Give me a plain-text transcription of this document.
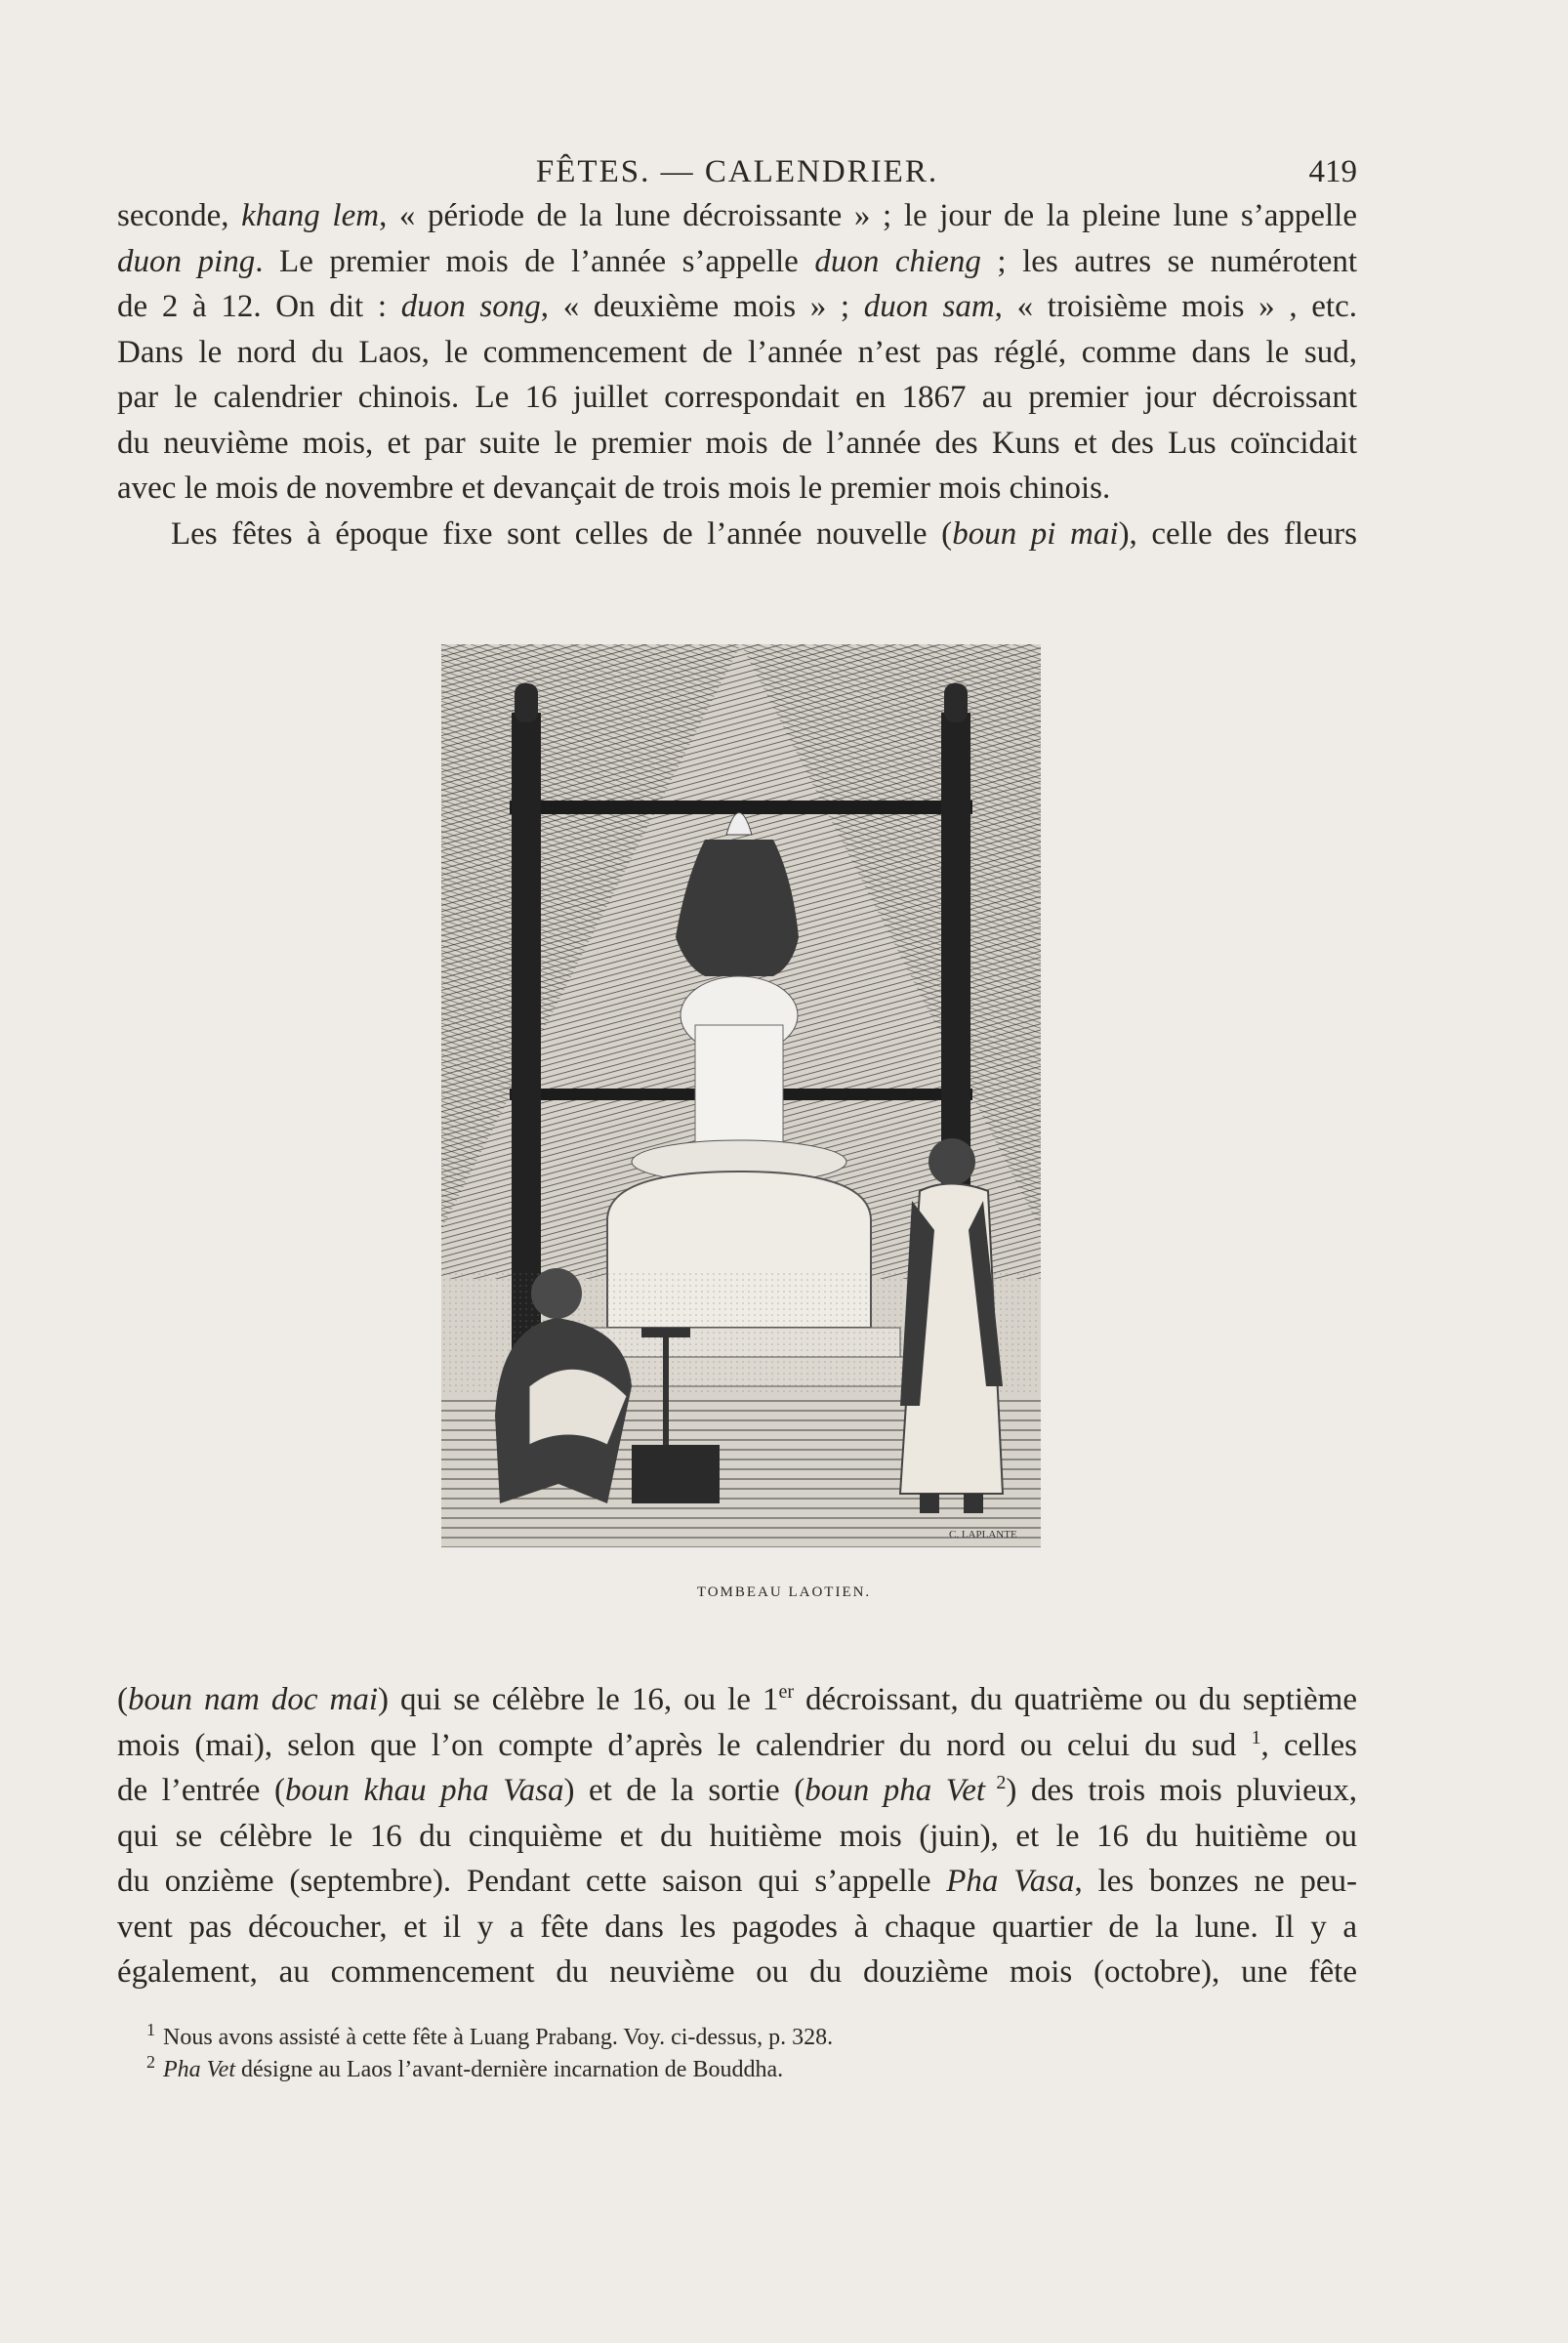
FÊTES. — CALENDRIER.	419
seconde, khang lem, « période de la lune décroissante » ; le jour de la pleine lune s’appelle
duon ping. Le premier mois de l’année s’appelle duon chieng ; les autres se numérotent
de 2 à 12. On dit : duon song, « deuxième mois » ; duon sam, « troisième mois » , etc.
Dans le nord du Laos, le commencement de l’année n’est pas réglé, comme dans le sud,
par le calendrier chinois. Le 16 juillet correspondait en 1867 au premier jour décroissant
du neuvième mois, et par suite le premier mois de l’année des Kuns et des Lus coïncidait
avec le mois de novembre et devançait de trois mois le premier mois chinois.
Les fêtes à époque fixe sont celles de l’année nouvelle (boun pi mai), celle des fleurs
C. LAPLANTE
TOMBEAU LAOTIEN.
(boun nam doc mai) qui se célèbre le 16, ou le 1er décroissant, du quatrième ou du septième
mois (mai), selon que l’on compte d’après le calendrier du nord ou celui du sud $^1$, celles
de l’entrée (boun khau pha Vasa) et de la sortie (boun pha Vet $^2$) des trois mois pluvieux,
qui se célèbre le 16 du cinquième et du huitième mois (juin), et le 16 du huitième ou
du onzième (septembre). Pendant cette saison qui s’appelle Pha Vasa, les bonzes ne peu-
vent pas découcher, et il y a fête dans les pagodes à chaque quartier de la lune. Il y a
également, au commencement du neuvième ou du douzième mois (octobre), une fête
$^1$ Nous avons assisté à cette fête à Luang Prabang. Voy. ci-dessus, p. 328.
$^2$ Pha Vet désigne au Laos l’avant-dernière incarnation de Bouddha.
